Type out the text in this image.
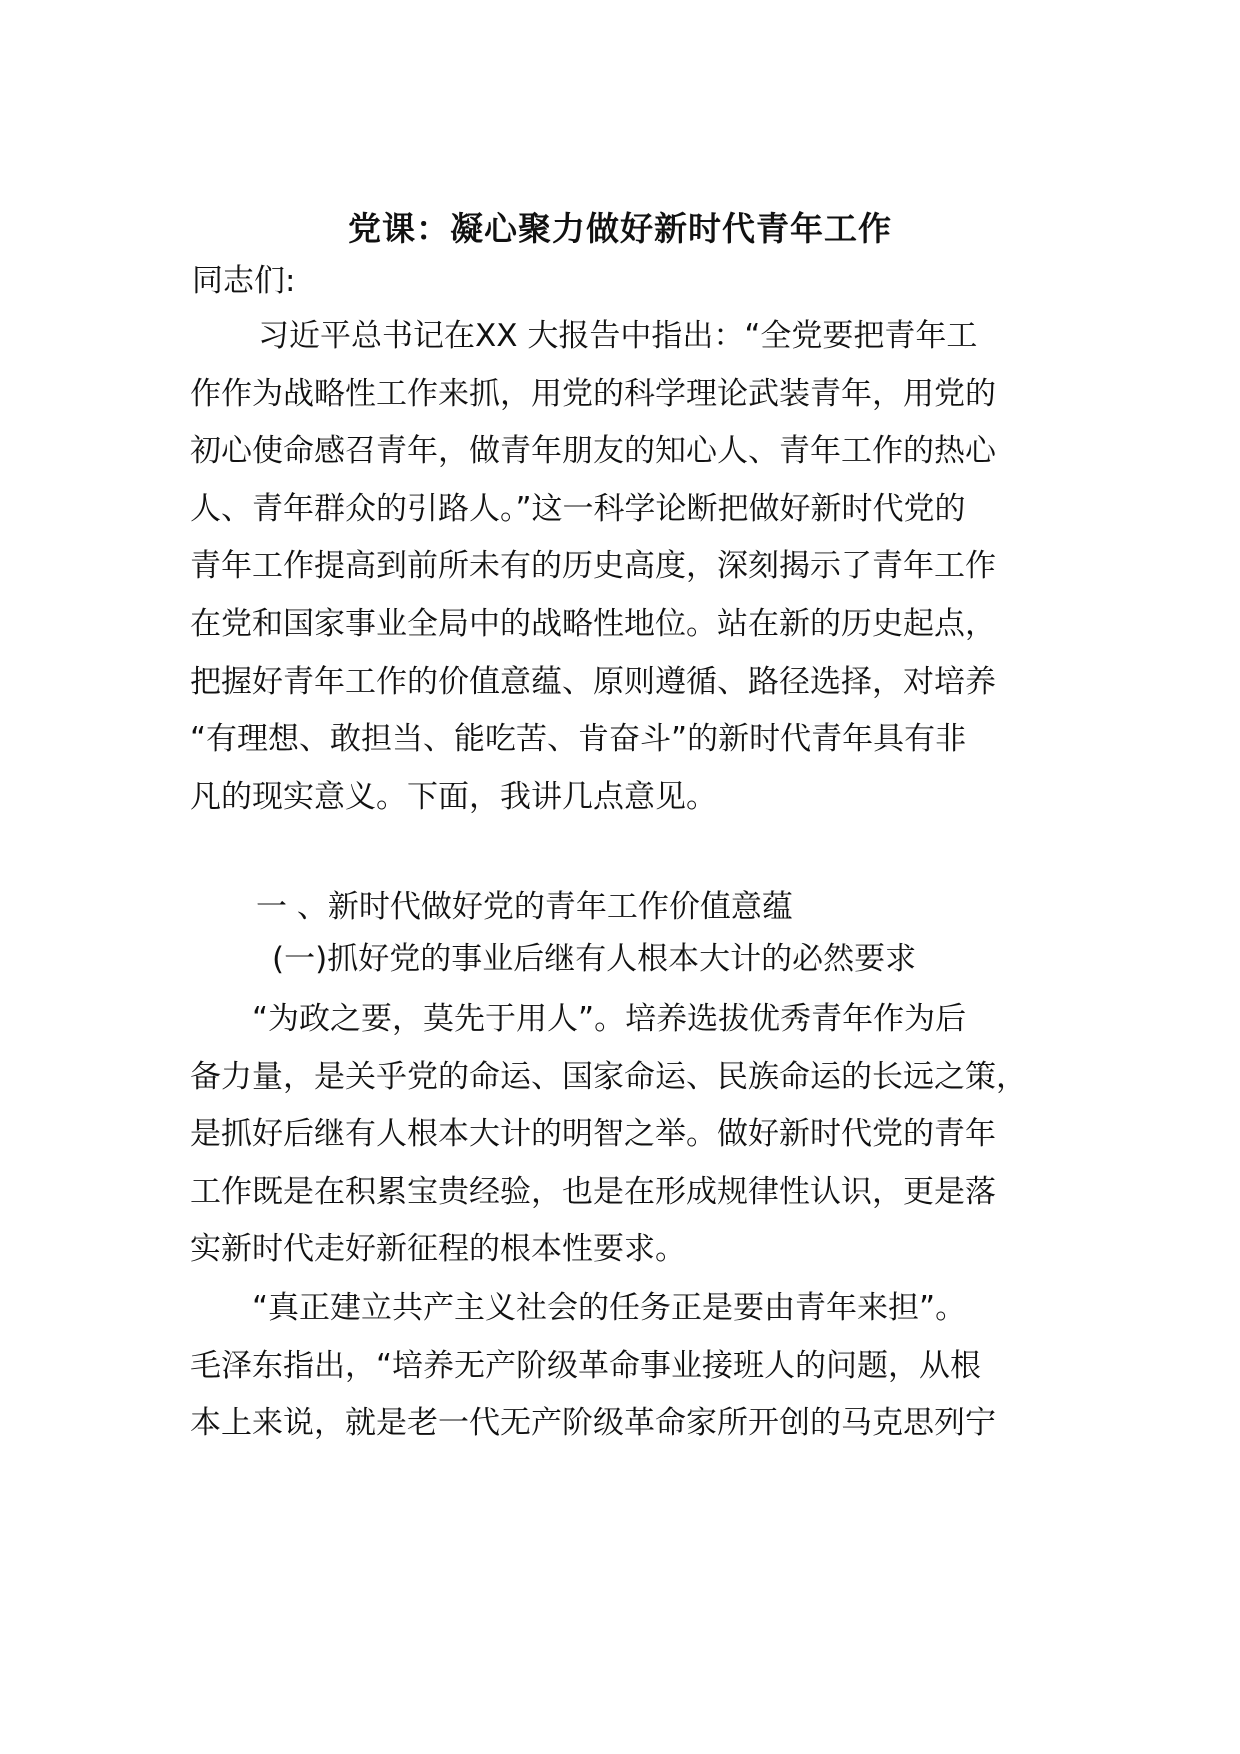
党课：凝心聚力做好新时代青年工作
同志们:
习近平总书记在XX 大报告中指出：“全党要把青年工
作作为战略性工作来抓，用党的科学理论武装青年，用党的
初心使命感召青年，做青年朋友的知心人、青年工作的热心
人、青年群众的引路人。”这一科学论断把做好新时代党的
青年工作提高到前所未有的历史高度，深刻揭示了青年工作
在党和国家事业全局中的战略性地位。站在新的历史起点，
把握好青年工作的价值意蕴、原则遵循、路径选择，对培养
“有理想、敢担当、能吃苦、肯奋斗”的新时代青年具有非
凡的现实意义。下面，我讲几点意见。
一 、新时代做好党的青年工作价值意蕴
(一)抓好党的事业后继有人根本大计的必然要求
“为政之要，莫先于用人”。培养选拔优秀青年作为后
备力量，是关乎党的命运、国家命运、民族命运的长远之策，
是抓好后继有人根本大计的明智之举。做好新时代党的青年
工作既是在积累宝贵经验，也是在形成规律性认识，更是落
实新时代走好新征程的根本性要求。
“真正建立共产主义社会的任务正是要由青年来担”。
毛泽东指出，“培养无产阶级革命事业接班人的问题，从根
本上来说，就是老一代无产阶级革命家所开创的马克思列宁
